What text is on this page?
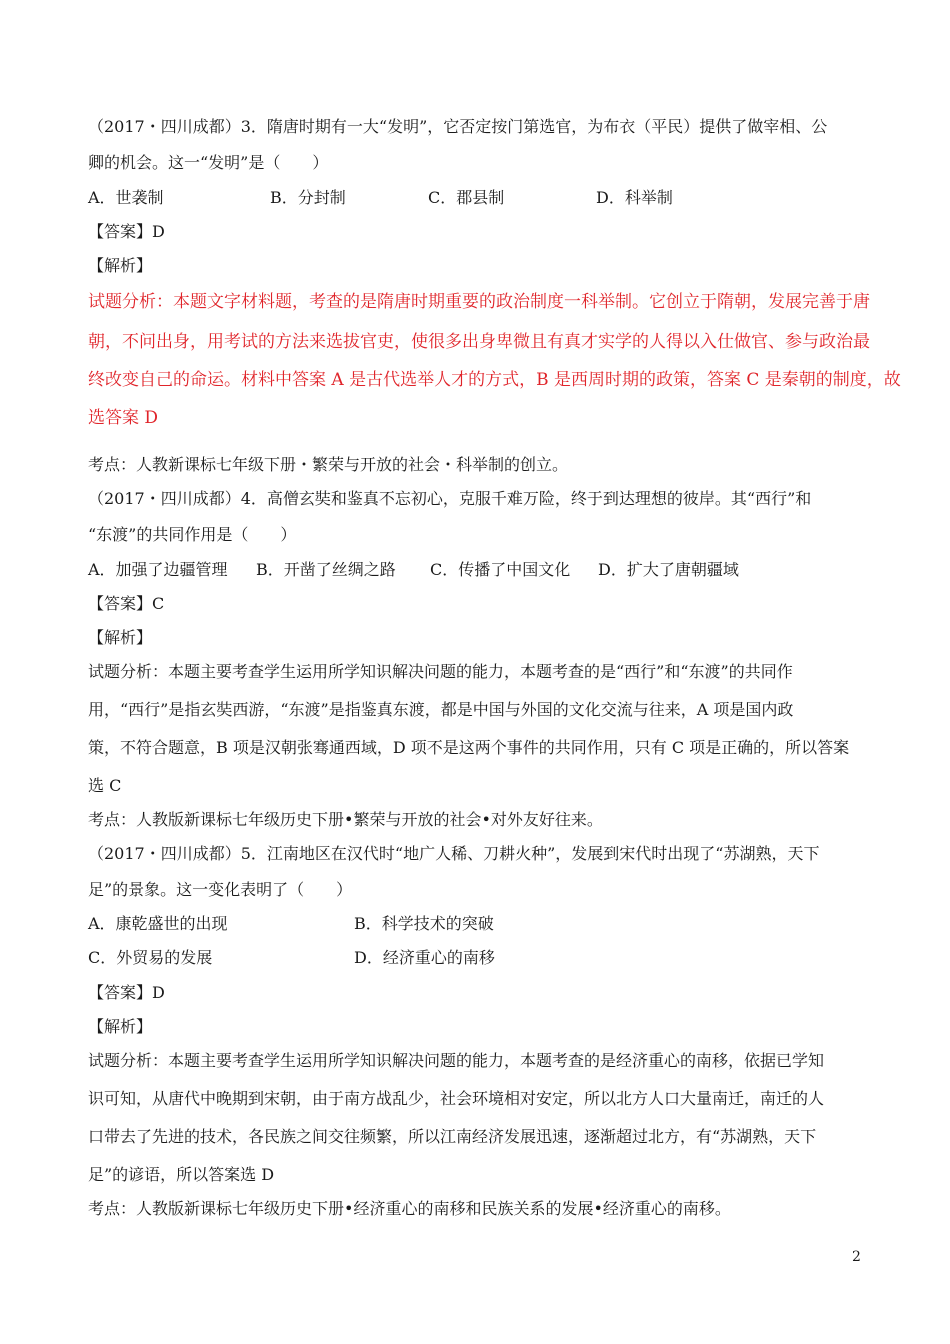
（2017・四川成都）3．隋唐时期有一大“发明”，它否定按门第选官，为布衣（平民）提供了做宰相、公
卿的机会。这一“发明”是（　　）
A．世袭制	B．分封制	C．郡县制	D．科举制
【答案】D
【解析】
试题分析：本题文字材料题，考查的是隋唐时期重要的政治制度一科举制。它创立于隋朝，发展完善于唐
朝，不问出身，用考试的方法来选拔官吏，使很多出身卑微且有真才实学的人得以入仕做官、参与政治最
终改变自己的命运。材料中答案 A 是古代选举人才的方式，B 是西周时期的政策，答案 C 是秦朝的制度，故
选答案 D
考点：人教新课标七年级下册・繁荣与开放的社会・科举制的创立。
（2017・四川成都）4．高僧玄奘和鉴真不忘初心，克服千难万险，终于到达理想的彼岸。其“西行”和
“东渡”的共同作用是（　　）
A．加强了边疆管理 B．开凿了丝绸之路 C．传播了中国文化 D．扩大了唐朝疆域
【答案】C
【解析】
试题分析：本题主要考查学生运用所学知识解决问题的能力，本题考查的是“西行”和“东渡”的共同作
用，“西行”是指玄奘西游，“东渡”是指鉴真东渡，都是中国与外国的文化交流与往来，A 项是国内政
策，不符合题意，B 项是汉朝张骞通西域，D 项不是这两个事件的共同作用，只有 C 项是正确的，所以答案
选 C
考点：人教版新课标七年级历史下册•繁荣与开放的社会•对外友好往来。
（2017・四川成都）5．江南地区在汉代时“地广人稀、刀耕火种”，发展到宋代时出现了“苏湖熟，天下
足”的景象。这一变化表明了（　　）
A．康乾盛世的出现	B．科学技术的突破
C．外贸易的发展	D．经济重心的南移
【答案】D
【解析】
试题分析：本题主要考查学生运用所学知识解决问题的能力，本题考查的是经济重心的南移，依据已学知
识可知，从唐代中晚期到宋朝，由于南方战乱少，社会环境相对安定，所以北方人口大量南迁，南迁的人
口带去了先进的技术，各民族之间交往频繁，所以江南经济发展迅速，逐渐超过北方，有“苏湖熟，天下
足”的谚语，所以答案选 D
考点：人教版新课标七年级历史下册•经济重心的南移和民族关系的发展•经济重心的南移。
2
